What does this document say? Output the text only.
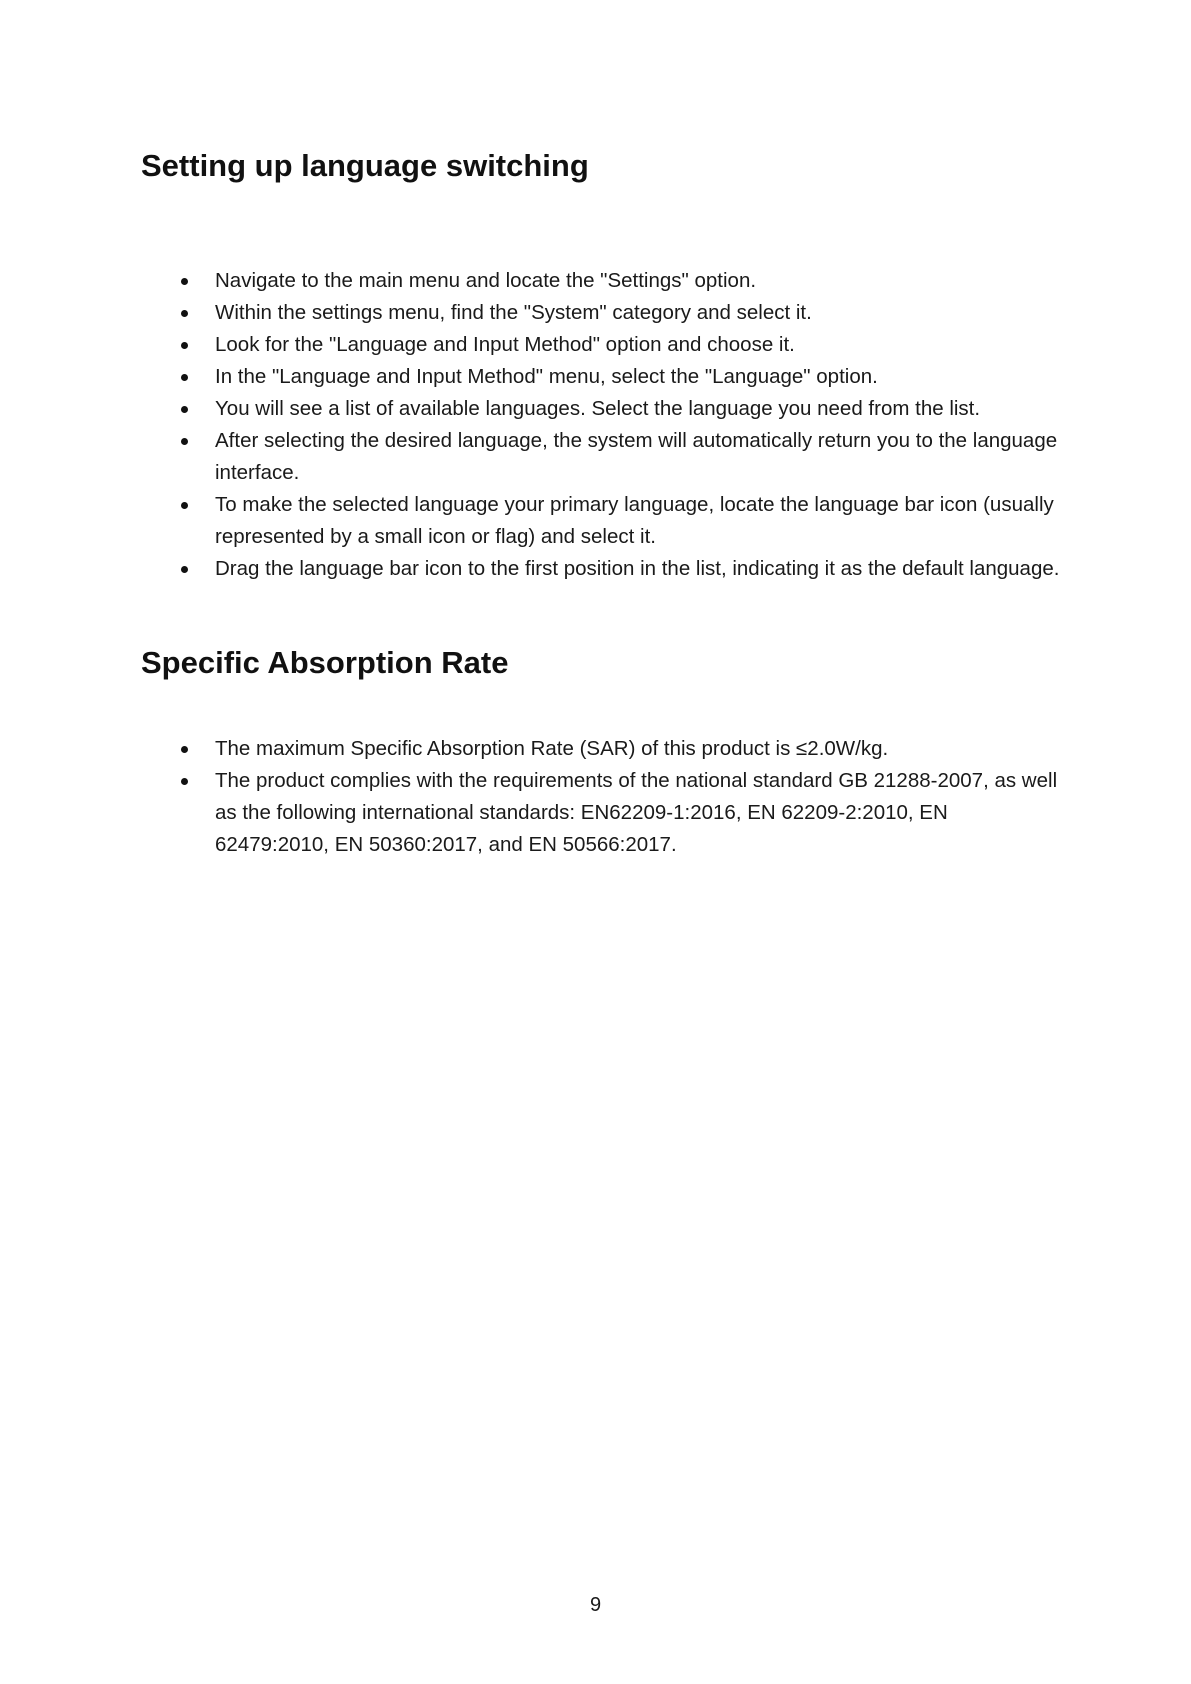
Setting up language switching
Navigate to the main menu and locate the "Settings" option.
Within the settings menu, find the "System" category and select it.
Look for the "Language and Input Method" option and choose it.
In the "Language and Input Method" menu, select the "Language" option.
You will see a list of available languages. Select the language you need from the list.
After selecting the desired language, the system will automatically return you to the language interface.
To make the selected language your primary language, locate the language bar icon (usually represented by a small icon or flag) and select it.
Drag the language bar icon to the first position in the list, indicating it as the default language.
Specific Absorption Rate
The maximum Specific Absorption Rate (SAR) of this product is ≤2.0W/kg.
The product complies with the requirements of the national standard GB 21288-2007, as well as the following international standards: EN62209-1:2016, EN 62209-2:2010, EN 62479:2010, EN 50360:2017, and EN 50566:2017.
9
